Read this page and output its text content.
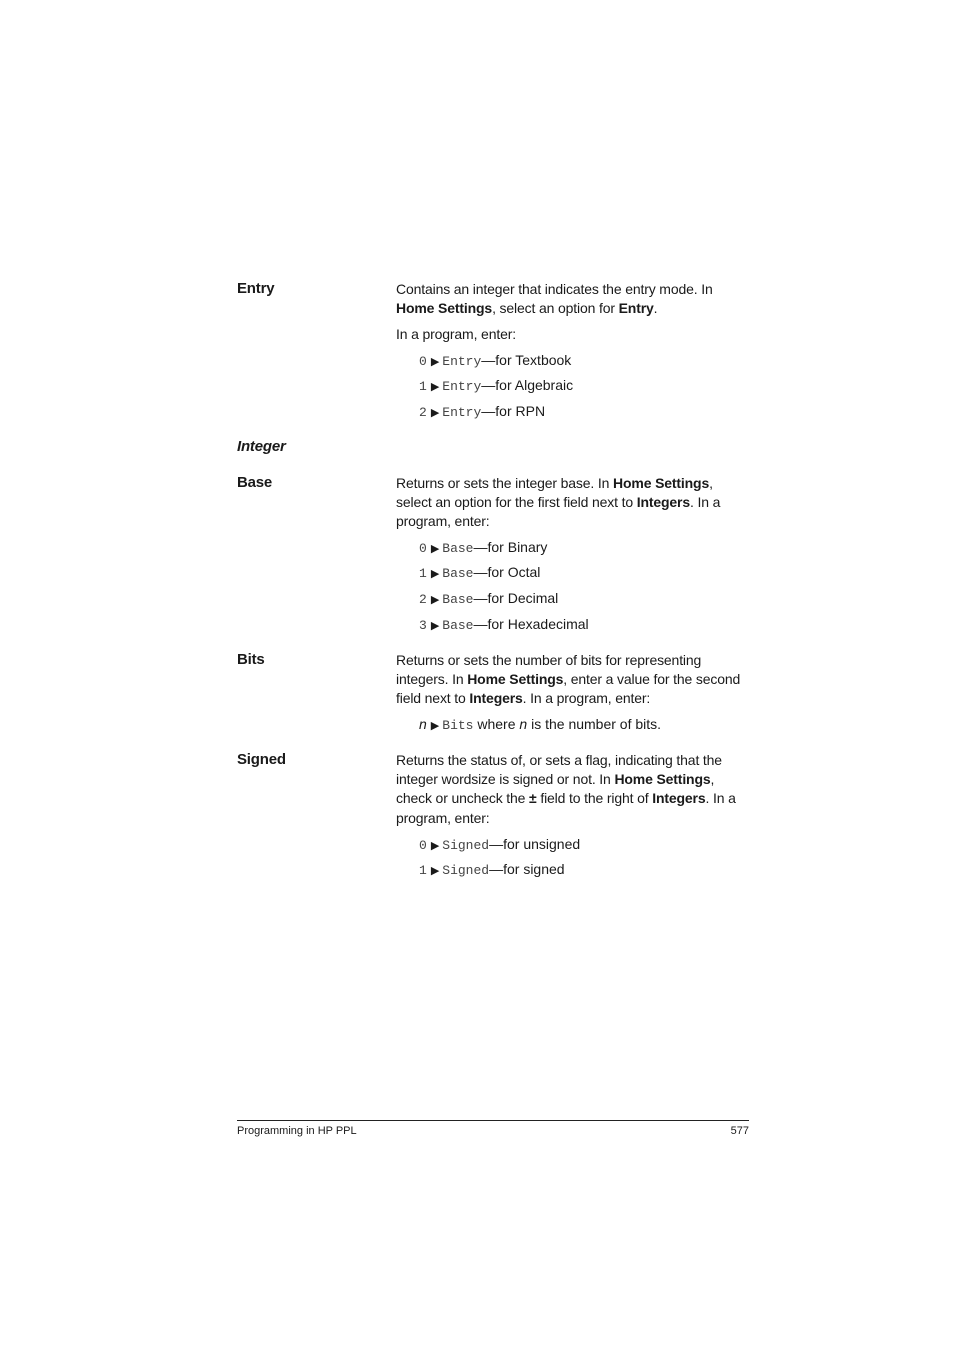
Entry	Contains an integer that indicates the entry mode. In Home Settings, select an option for Entry.
In a program, enter:
0 ▶ Entry—for Textbook
1 ▶ Entry—for Algebraic
2 ▶ Entry—for RPN
Integer
Base	Returns or sets the integer base. In Home Settings, select an option for the first field next to Integers. In a program, enter:
0 ▶ Base—for Binary
1 ▶ Base—for Octal
2 ▶ Base—for Decimal
3 ▶ Base—for Hexadecimal
Bits	Returns or sets the number of bits for representing integers. In Home Settings, enter a value for the second field next to Integers. In a program, enter:
n ▶ Bits where n is the number of bits.
Signed	Returns the status of, or sets a flag, indicating that the integer wordsize is signed or not. In Home Settings, check or uncheck the ± field to the right of Integers. In a program, enter:
0 ▶ Signed—for unsigned
1 ▶ Signed—for signed
Programming in HP PPL	577
